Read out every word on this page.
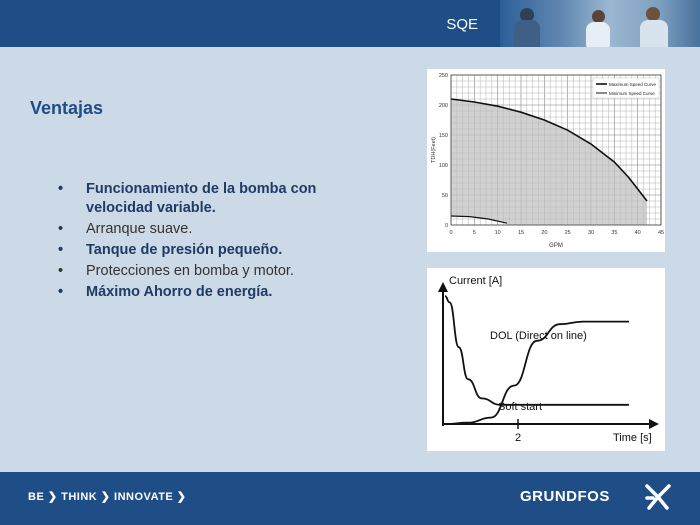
SQE
Ventajas
• Funcionamiento de la bomba con velocidad variable.
• Arranque suave.
• Tanque de presión pequeño.
• Protecciones en bomba y motor.
• Máximo Ahorro de energía.
0	5	10	15	20	25	30	35	40	45
0
50
100
150
200
250
GPM
TDH(Feet)
Maximum Speed Curve
Minimum Speed Curve
2
Current [A]
Time [s]
DOL (Direct on line)
Soft start
BE ❯ THINK ❯ INNOVATE ❯	GRUNDFOS
